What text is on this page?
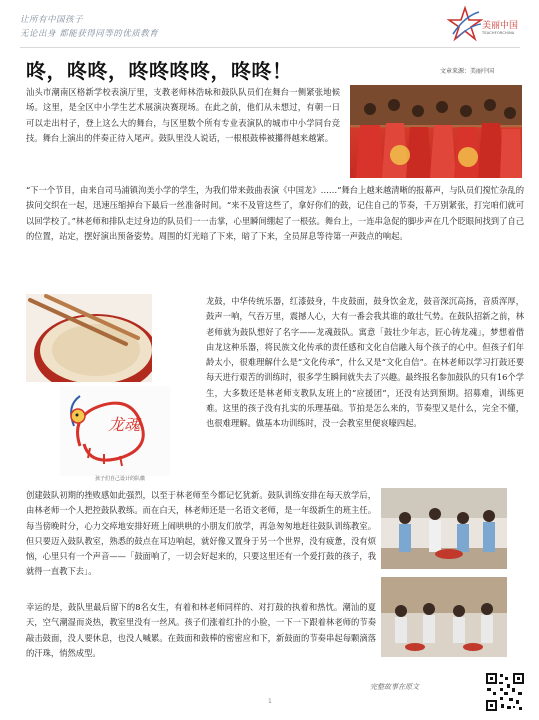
让所有中国孩子
无论出身 都能获得同等的优质教育
美丽中国
TEACHFORCHINA
咚，咚咚，咚咚咚咚，咚咚！	文章来源：美丽中国

汕头市潮南区格新学校表演厅里，支教老师林浩咏和鼓队队员们在舞台一侧紧张地候场。这里，是全区中小学生艺术展演决赛现场。在此之前，他们从未想过，有朝一日可以走出村子，登上这么大的舞台，与区里数个所有专业表演队的城市中小学同台竞技。舞台上演出的伴奏正待入尾声。鼓队里没人说话，一根根鼓棒被攥得越来越紧。

“下一个节目，由来自司马浦镇泃美小学的学生，为我们带来鼓曲表演《中国龙》……”舞台上越来越清晰的报幕声，与队员们搅忙杂乱的拔问交织在一起，迅速压缩掉台下最后一丝准备时间。“来不及管这些了，拿好你们的鼓，记住自己的节奏，千万别紧张，打完咱们就可以回学校了。”林老师和排队走过身边的队员们一一击掌，心里瞬间绷起了一根弦。舞台上，一连串急促的脚步声在几个眨眼间找到了自己的位置，站定，摆好演出预备姿势。周围的灯光暗了下来，暗了下来，全员屏息等待第一声鼓点的响起。

龙魂
孩子们自己设计的队徽

龙鼓，中华传统乐器，红漆鼓身，牛皮鼓面，鼓身饮金龙，鼓音深沉高扬，音质浑厚，鼓声一响，气吞万里，震撼人心，大有一番会我其谁的敢壮气势。在鼓队招新之前，林老师就为鼓队想好了名字——龙魂鼓队。寓意「鼓壮少年志，匠心铸龙魂」，梦想着借由龙这种乐器，将民族文化传承的责任感和文化自信融入每个孩子的心中。但孩子们年龄太小，很难理解什么是“文化传承”，什么又是“文化自信”。在林老师以学习打鼓还要每天进行艰苦的训练时，很多学生瞬间就失去了兴趣。最终报名参加鼓队的只有16个学生，大多数还是林老师支教队友班上的“应援团”，还没有达到预期。招募难，训练更难。这里的孩子没有扎实的乐理基础。节拍是怎么来的，节奏型又是什么，完全不懂，也很难理解。做基本功训练时，没一会教室里便哀嚎四起。

创建鼓队初期的挫败感如此强烈，以至于林老师至今都记忆犹新。鼓队训练安排在每天放学后，由林老师一个人把控鼓队教练。而在白天，林老师还是一名语文老师，是一年级新生的班主任。每当傍晚时分，心力交瘁地安排好班上闹哄哄的小朋友们放学，再急匆匆地赶往鼓队训练教室。但只要迈入鼓队教室，熟悉的鼓点在耳边响起，就好像又置身于另一个世界，没有疲惫，没有烦恼，心里只有一个声音——「鼓面响了，一切会好起来的，只要这里还有一个爱打鼓的孩子，我就得一直教下去」。

幸运的是，鼓队里最后留下的8名女生，有着和林老师同样的、对打鼓的执着和热忱。潮汕的夏天，空气潮湿而炎热，教室里没有一丝风。孩子们涨着红扑的小脸，一下一下跟着林老师的节奏敲击鼓面，没人要休息，也没人喊累。在鼓面和鼓棒的密密应和下，新鼓面的节奏串起每颗滴落的汗珠，悄然成型。

完整故事在原文
1
